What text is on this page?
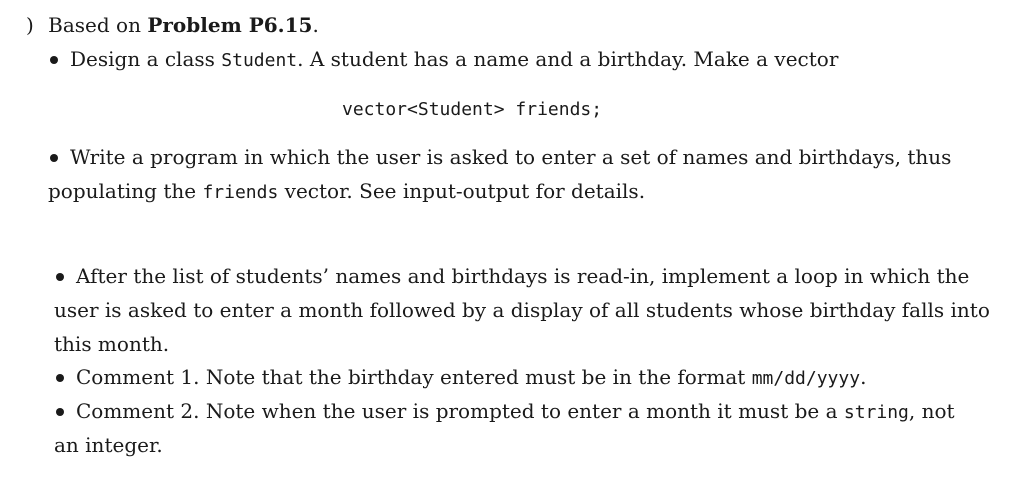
) Based on Problem P6.15.
Design a class Student. A student has a name and a birthday. Make a vector
vector<Student> friends;
Write a program in which the user is asked to enter a set of names and birthdays, thus
populating the friends vector. See input-output for details.
After the list of students’ names and birthdays is read-in, implement a loop in which the
user is asked to enter a month followed by a display of all students whose birthday falls into
this month.
Comment 1. Note that the birthday entered must be in the format mm/dd/yyyy.
Comment 2. Note when the user is prompted to enter a month it must be a string, not
an integer.
